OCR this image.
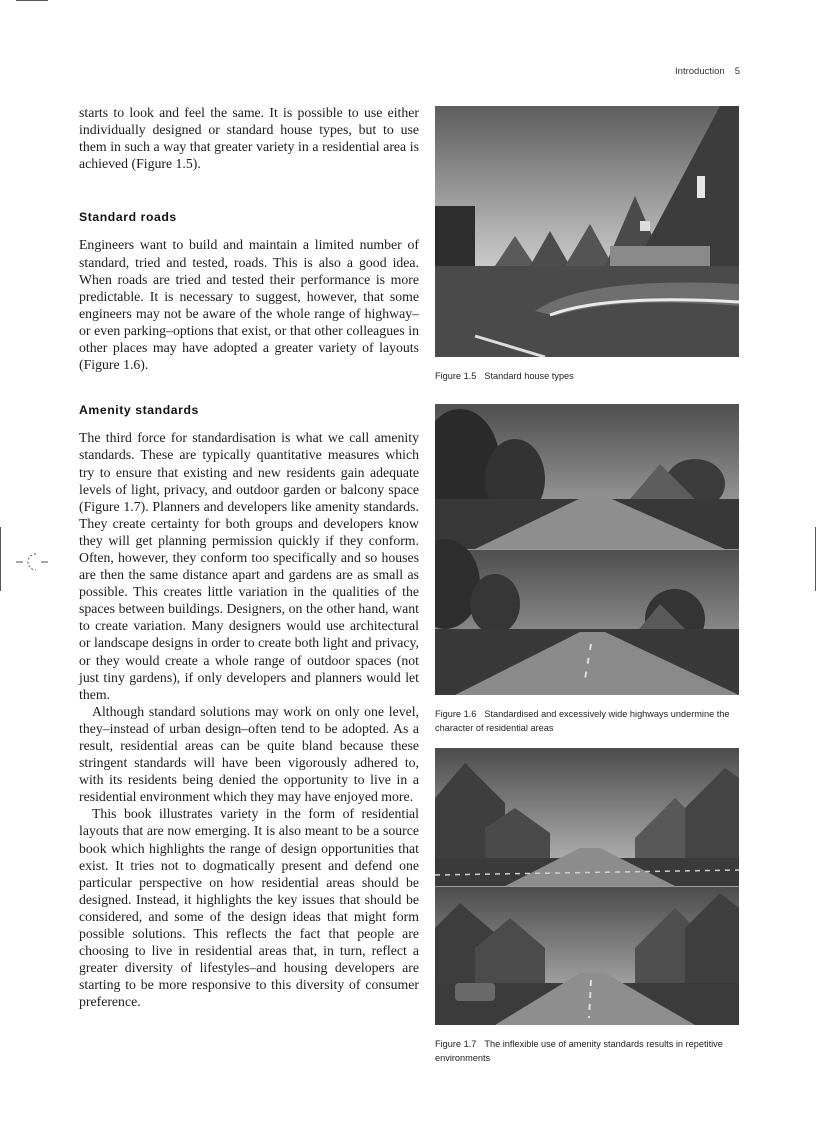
Introduction 5

starts to look and feel the same. It is possible to use either individually designed or standard house types, but to use them in such a way that greater variety in a residential area is achieved (Figure 1.5).

Standard roads

Engineers want to build and maintain a limited number of standard, tried and tested, roads. This is also a good idea. When roads are tried and tested their performance is more predictable. It is necessary to suggest, however, that some engineers may not be aware of the whole range of highway–or even parking–options that exist, or that other colleagues in other places may have adopted a greater variety of layouts (Figure 1.6).

Amenity standards

The third force for standardisation is what we call amenity standards. These are typically quantitative measures which try to ensure that existing and new residents gain adequate levels of light, privacy, and outdoor garden or balcony space (Figure 1.7). Planners and developers like amenity standards. They create certainty for both groups and developers know they will get planning permission quickly if they conform. Often, however, they conform too specifically and so houses are then the same distance apart and gardens are as small as possible. This creates little variation in the qualities of the spaces between buildings. Designers, on the other hand, want to create variation. Many designers would use architectural or landscape designs in order to create both light and privacy, or they would create a whole range of outdoor spaces (not just tiny gardens), if only developers and planners would let them.

Although standard solutions may work on only one level, they–instead of urban design–often tend to be adopted. As a result, residential areas can be quite bland because these stringent standards will have been vigorously adhered to, with its residents being denied the opportunity to live in a residential environment which they may have enjoyed more.

This book illustrates variety in the form of residential layouts that are now emerging. It is also meant to be a source book which highlights the range of design opportunities that exist. It tries not to dogmatically present and defend one particular perspective on how residential areas should be designed. Instead, it highlights the key issues that should be considered, and some of the design ideas that might form possible solutions. This reflects the fact that people are choosing to live in residential areas that, in turn, reflect a greater diversity of lifestyles–and housing developers are starting to be more responsive to this diversity of consumer preference.

Figure 1.5 Standard house types
Figure 1.6 Standardised and excessively wide highways undermine the character of residential areas
Figure 1.7 The inflexible use of amenity standards results in repetitive environments
